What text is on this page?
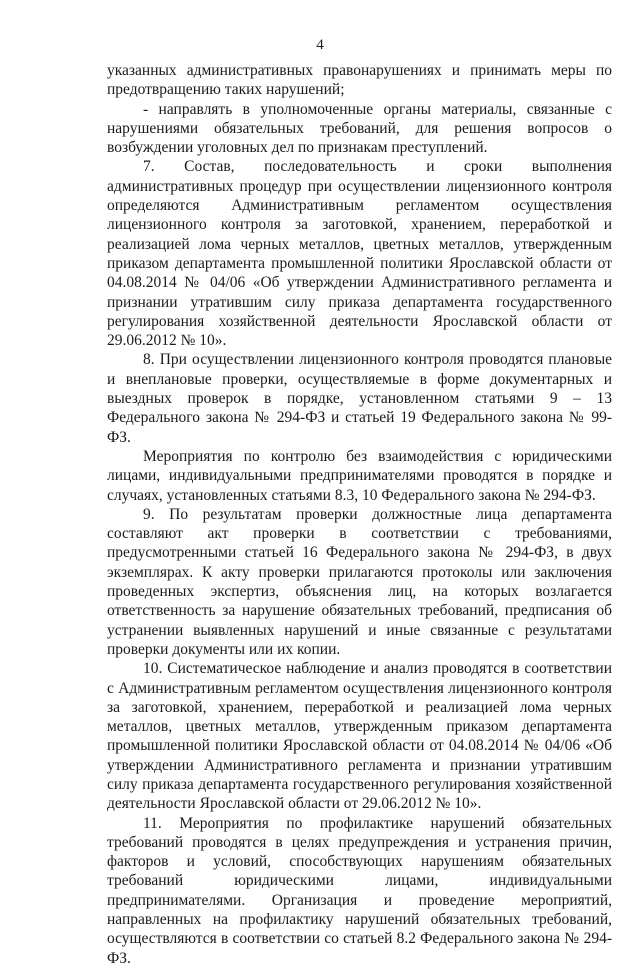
4

указанных административных правонарушениях и принимать меры по предотвращению таких нарушений;

- направлять в уполномоченные органы материалы, связанные с нарушениями обязательных требований, для решения вопросов о возбуждении уголовных дел по признакам преступлений.

7. Состав, последовательность и сроки выполнения административных процедур при осуществлении лицензионного контроля определяются Административным регламентом осуществления лицензионного контроля за заготовкой, хранением, переработкой и реализацией лома черных металлов, цветных металлов, утвержденным приказом департамента промышленной политики Ярославской области от 04.08.2014 № 04/06 «Об утверждении Административного регламента и признании утратившим силу приказа департамента государственного регулирования хозяйственной деятельности Ярославской области от 29.06.2012 № 10».

8. При осуществлении лицензионного контроля проводятся плановые и внеплановые проверки, осуществляемые в форме документарных и выездных проверок в порядке, установленном статьями 9 – 13 Федерального закона № 294-ФЗ и статьей 19 Федерального закона № 99-ФЗ.

Мероприятия по контролю без взаимодействия с юридическими лицами, индивидуальными предпринимателями проводятся в порядке и случаях, установленных статьями 8.3, 10 Федерального закона № 294-ФЗ.

9. По результатам проверки должностные лица департамента составляют акт проверки в соответствии с требованиями, предусмотренными статьей 16 Федерального закона № 294-ФЗ, в двух экземплярах. К акту проверки прилагаются протоколы или заключения проведенных экспертиз, объяснения лиц, на которых возлагается ответственность за нарушение обязательных требований, предписания об устранении выявленных нарушений и иные связанные с результатами проверки документы или их копии.

10. Систематическое наблюдение и анализ проводятся в соответствии с Административным регламентом осуществления лицензионного контроля за заготовкой, хранением, переработкой и реализацией лома черных металлов, цветных металлов, утвержденным приказом департамента промышленной политики Ярославской области от 04.08.2014 № 04/06 «Об утверждении Административного регламента и признании утратившим силу приказа департамента государственного регулирования хозяйственной деятельности Ярославской области от 29.06.2012 № 10».

11. Мероприятия по профилактике нарушений обязательных требований проводятся в целях предупреждения и устранения причин, факторов и условий, способствующих нарушениям обязательных требований юридическими лицами, индивидуальными предпринимателями. Организация и проведение мероприятий, направленных на профилактику нарушений обязательных требований, осуществляются в соответствии со статьей 8.2 Федерального закона № 294-ФЗ.
